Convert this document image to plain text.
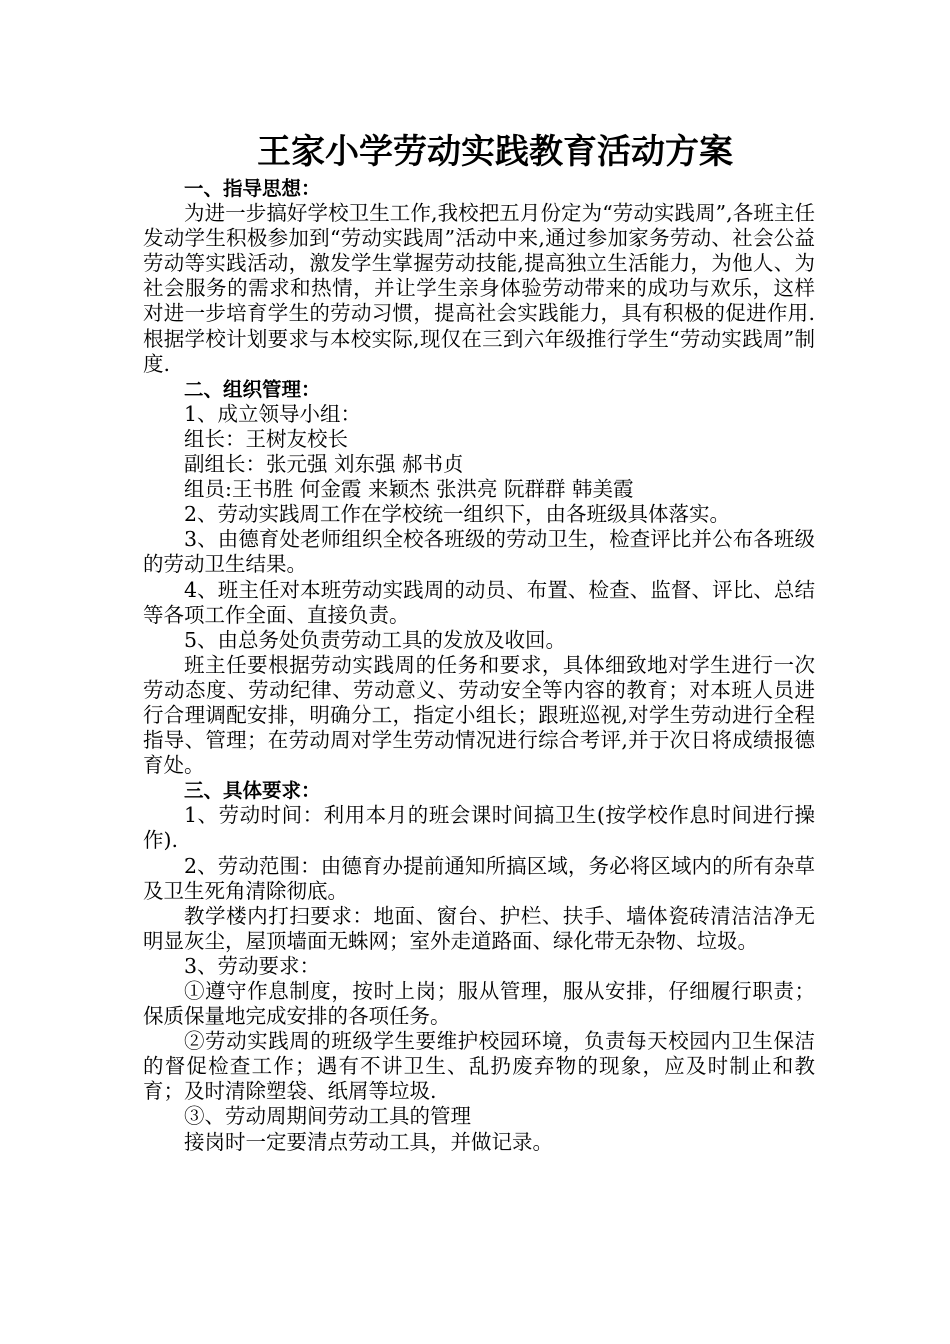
王家小学劳动实践教育活动方案

一、指导思想：

为进一步搞好学校卫生工作,我校把五月份定为“劳动实践周”,各班主任发动学生积极参加到“劳动实践周”活动中来,通过参加家务劳动、社会公益劳动等实践活动，激发学生掌握劳动技能,提高独立生活能力，为他人、为社会服务的需求和热情，并让学生亲身体验劳动带来的成功与欢乐，这样对进一步培育学生的劳动习惯，提高社会实践能力，具有积极的促进作用.根据学校计划要求与本校实际,现仅在三到六年级推行学生“劳动实践周”制度.

二、组织管理：

1、成立领导小组：

组长：王树友校长

副组长：张元强 刘东强 郝书贞

组员:王书胜 何金霞 来颖杰 张洪亮 阮群群 韩美霞

2、劳动实践周工作在学校统一组织下，由各班级具体落实。

3、由德育处老师组织全校各班级的劳动卫生，检查评比并公布各班级的劳动卫生结果。

4、班主任对本班劳动实践周的动员、布置、检查、监督、评比、总结等各项工作全面、直接负责。

5、由总务处负责劳动工具的发放及收回。

班主任要根据劳动实践周的任务和要求，具体细致地对学生进行一次劳动态度、劳动纪律、劳动意义、劳动安全等内容的教育；对本班人员进行合理调配安排，明确分工，指定小组长；跟班巡视,对学生劳动进行全程指导、管理；在劳动周对学生劳动情况进行综合考评,并于次日将成绩报德育处。

三、具体要求：

1、劳动时间：利用本月的班会课时间搞卫生(按学校作息时间进行操作).

2、劳动范围：由德育办提前通知所搞区域，务必将区域内的所有杂草及卫生死角清除彻底。

教学楼内打扫要求：地面、窗台、护栏、扶手、墙体瓷砖清洁洁净无明显灰尘，屋顶墙面无蛛网；室外走道路面、绿化带无杂物、垃圾。

3、劳动要求：

①遵守作息制度，按时上岗；服从管理，服从安排，仔细履行职责；保质保量地完成安排的各项任务。

②劳动实践周的班级学生要维护校园环境，负责每天校园内卫生保洁的督促检查工作；遇有不讲卫生、乱扔废弃物的现象，应及时制止和教育；及时清除塑袋、纸屑等垃圾.

③、劳动周期间劳动工具的管理

接岗时一定要清点劳动工具，并做记录。
